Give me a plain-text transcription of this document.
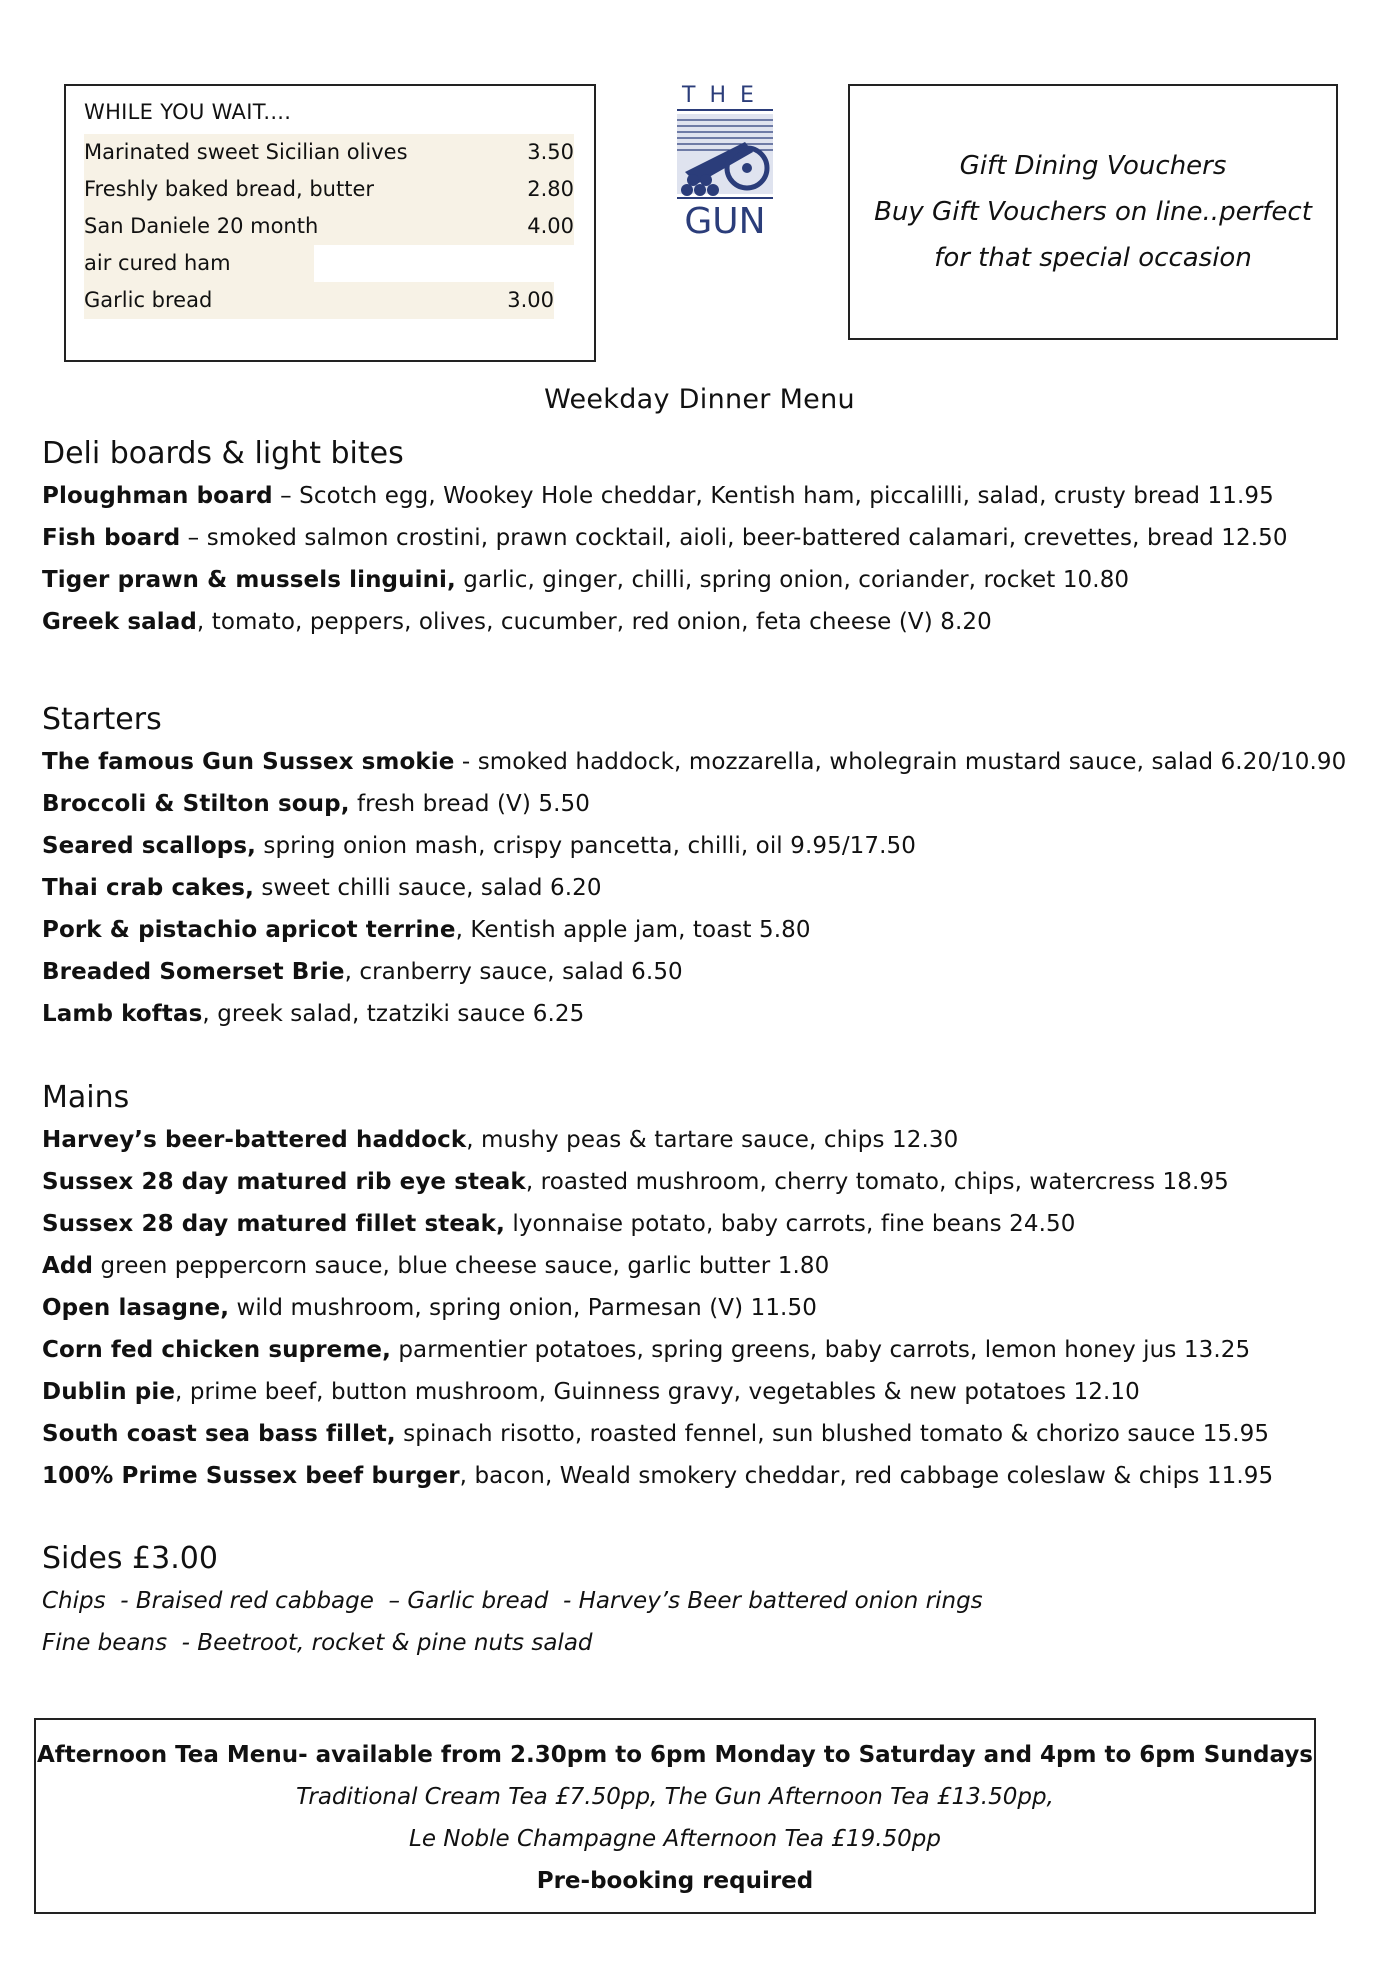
WHILE YOU WAIT....
Marinated sweet Sicilian olives	3.50
Freshly baked bread, butter	2.80
San Daniele 20 month	4.00
air cured ham
Garlic bread	3.00
THE
GUN
Gift Dining Vouchers
Buy Gift Vouchers on line..perfect
for that special occasion
Weekday Dinner Menu
Deli boards & light bites
Ploughman board – Scotch egg, Wookey Hole cheddar, Kentish ham, piccalilli, salad, crusty bread 11.95
Fish board – smoked salmon crostini, prawn cocktail, aioli, beer-battered calamari, crevettes, bread 12.50
Tiger prawn & mussels linguini, garlic, ginger, chilli, spring onion, coriander, rocket 10.80
Greek salad, tomato, peppers, olives, cucumber, red onion, feta cheese (V) 8.20
Starters
The famous Gun Sussex smokie - smoked haddock, mozzarella, wholegrain mustard sauce, salad 6.20/10.90
Broccoli & Stilton soup, fresh bread (V) 5.50
Seared scallops, spring onion mash, crispy pancetta, chilli, oil 9.95/17.50
Thai crab cakes, sweet chilli sauce, salad 6.20
Pork & pistachio apricot terrine, Kentish apple jam, toast 5.80
Breaded Somerset Brie, cranberry sauce, salad 6.50
Lamb koftas, greek salad, tzatziki sauce 6.25
Mains
Harvey’s beer-battered haddock, mushy peas & tartare sauce, chips 12.30
Sussex 28 day matured rib eye steak, roasted mushroom, cherry tomato, chips, watercress 18.95
Sussex 28 day matured fillet steak, lyonnaise potato, baby carrots, fine beans 24.50
Add green peppercorn sauce, blue cheese sauce, garlic butter 1.80
Open lasagne, wild mushroom, spring onion, Parmesan (V) 11.50
Corn fed chicken supreme, parmentier potatoes, spring greens, baby carrots, lemon honey jus 13.25
Dublin pie, prime beef, button mushroom, Guinness gravy, vegetables & new potatoes 12.10
South coast sea bass fillet, spinach risotto, roasted fennel, sun blushed tomato & chorizo sauce 15.95
100% Prime Sussex beef burger, bacon, Weald smokery cheddar, red cabbage coleslaw & chips 11.95
Sides £3.00
Chips  - Braised red cabbage  – Garlic bread  - Harvey’s Beer battered onion rings
Fine beans  - Beetroot, rocket & pine nuts salad
Afternoon Tea Menu- available from 2.30pm to 6pm Monday to Saturday and 4pm to 6pm Sundays
Traditional Cream Tea £7.50pp, The Gun Afternoon Tea £13.50pp,
Le Noble Champagne Afternoon Tea £19.50pp
Pre-booking required
